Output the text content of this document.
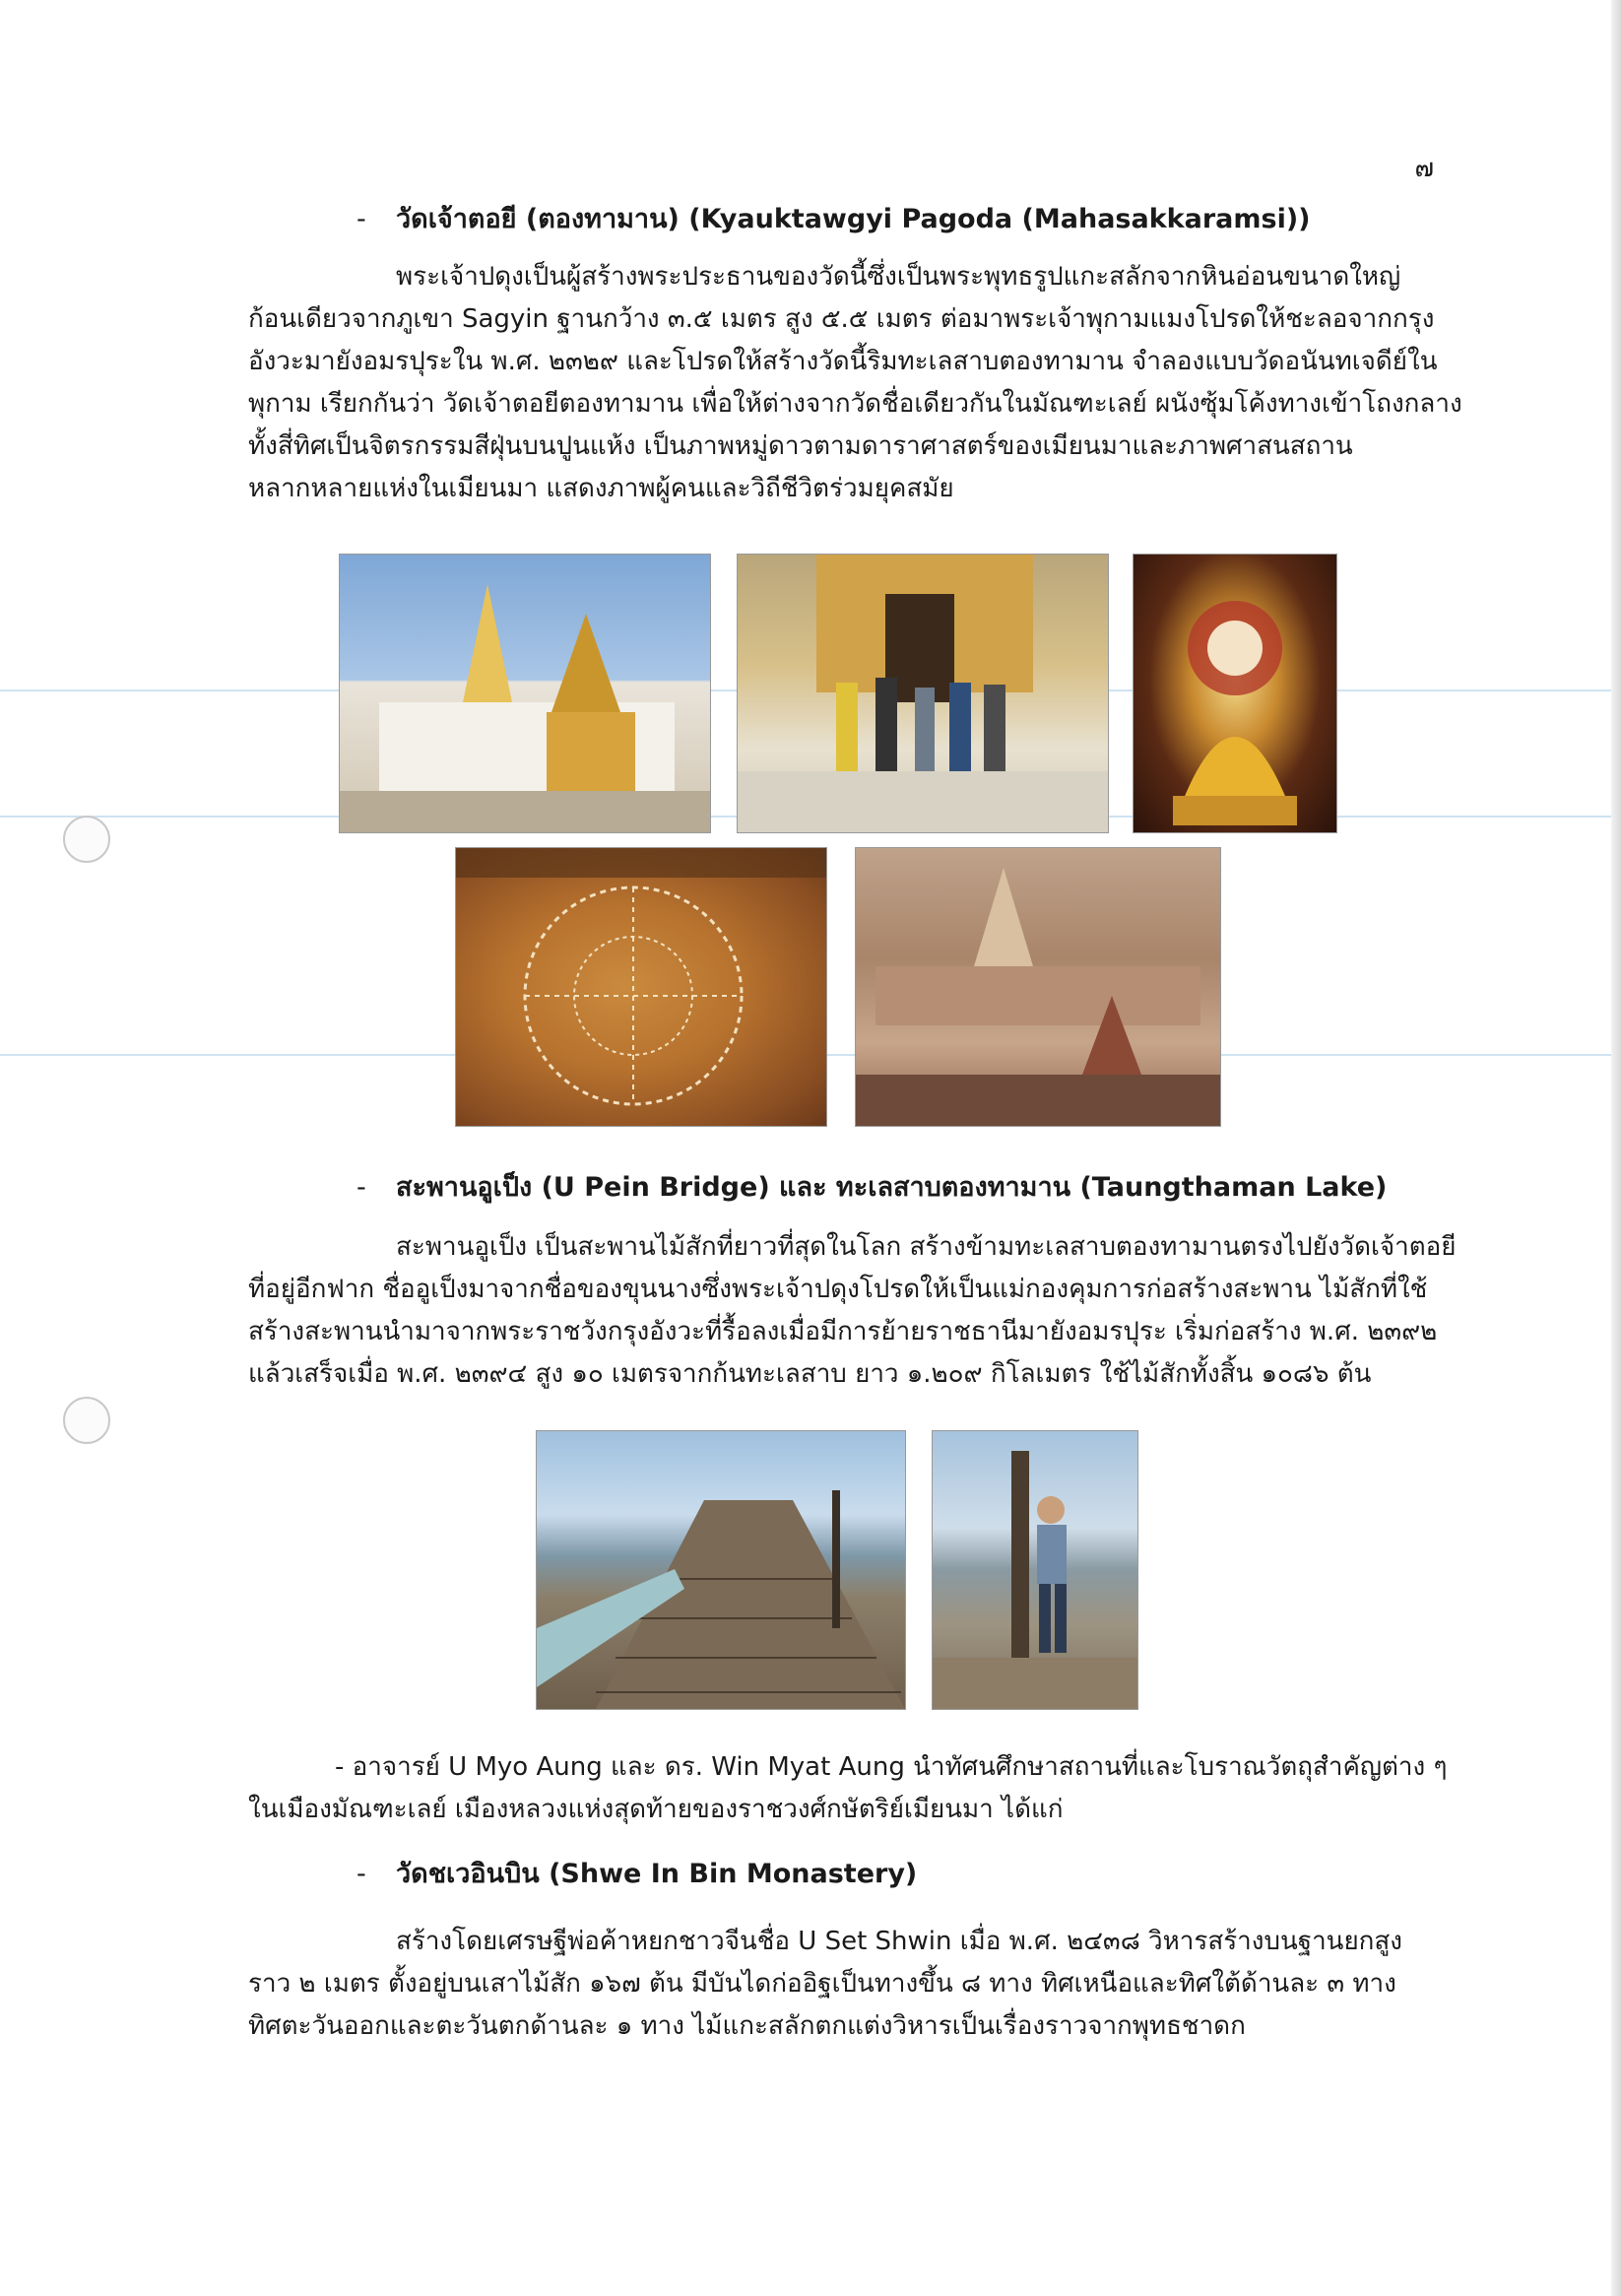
๗
- วัดเจ้าตอยี (ตองทามาน) (Kyauktawgyi Pagoda (Mahasakkaramsi))
พระเจ้าปดุงเป็นผู้สร้างพระประธานของวัดนี้ซึ่งเป็นพระพุทธรูปแกะสลักจากหินอ่อนขนาดใหญ่
ก้อนเดียวจากภูเขา Sagyin ฐานกว้าง ๓.๕ เมตร สูง ๕.๕ เมตร ต่อมาพระเจ้าพุกามแมงโปรดให้ชะลอจากกรุง
อังวะมายังอมรปุระใน พ.ศ. ๒๓๒๙ และโปรดให้สร้างวัดนี้ริมทะเลสาบตองทามาน จำลองแบบวัดอนันทเจดีย์ใน
พุกาม เรียกกันว่า วัดเจ้าตอยีตองทามาน เพื่อให้ต่างจากวัดชื่อเดียวกันในมัณฑะเลย์ ผนังซุ้มโค้งทางเข้าโถงกลาง
ทั้งสี่ทิศเป็นจิตรกรรมสีฝุ่นบนปูนแห้ง เป็นภาพหมู่ดาวตามดาราศาสตร์ของเมียนมาและภาพศาสนสถาน
หลากหลายแห่งในเมียนมา แสดงภาพผู้คนและวิถีชีวิตร่วมยุคสมัย
- สะพานอูเป็ง (U Pein Bridge) และ ทะเลสาบตองทามาน (Taungthaman Lake)
สะพานอูเป็ง เป็นสะพานไม้สักที่ยาวที่สุดในโลก สร้างข้ามทะเลสาบตองทามานตรงไปยังวัดเจ้าตอยี
ที่อยู่อีกฟาก ชื่ออูเป็งมาจากชื่อของขุนนางซึ่งพระเจ้าปดุงโปรดให้เป็นแม่กองคุมการก่อสร้างสะพาน ไม้สักที่ใช้
สร้างสะพานนำมาจากพระราชวังกรุงอังวะที่รื้อลงเมื่อมีการย้ายราชธานีมายังอมรปุระ เริ่มก่อสร้าง พ.ศ. ๒๓๙๒
แล้วเสร็จเมื่อ พ.ศ. ๒๓๙๔ สูง ๑๐ เมตรจากก้นทะเลสาบ ยาว ๑.๒๐๙ กิโลเมตร ใช้ไม้สักทั้งสิ้น ๑๐๘๖ ต้น
- อาจารย์ U Myo Aung และ ดร. Win Myat Aung นำทัศนศึกษาสถานที่และโบราณวัตถุสำคัญต่าง ๆ
ในเมืองมัณฑะเลย์ เมืองหลวงแห่งสุดท้ายของราชวงศ์กษัตริย์เมียนมา ได้แก่
- วัดชเวอินบิน (Shwe In Bin Monastery)
สร้างโดยเศรษฐีพ่อค้าหยกชาวจีนชื่อ U Set Shwin เมื่อ พ.ศ. ๒๔๓๘ วิหารสร้างบนฐานยกสูง
ราว ๒ เมตร ตั้งอยู่บนเสาไม้สัก ๑๖๗ ต้น มีบันไดก่ออิฐเป็นทางขึ้น ๘ ทาง ทิศเหนือและทิศใต้ด้านละ ๓ ทาง
ทิศตะวันออกและตะวันตกด้านละ ๑ ทาง ไม้แกะสลักตกแต่งวิหารเป็นเรื่องราวจากพุทธชาดก
